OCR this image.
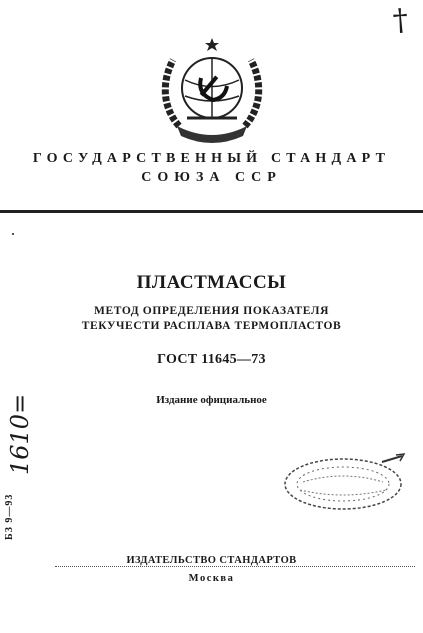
†
ГОСУДАРСТВЕННЫЙ СТАНДАРТ
СОЮЗА ССР
ПЛАСТМАССЫ
МЕТОД ОПРЕДЕЛЕНИЯ ПОКАЗАТЕЛЯ
ТЕКУЧЕСТИ РАСПЛАВА ТЕРМОПЛАСТОВ
ГОСТ 11645—73
Издание официальное
БЗ 9—93
1610=
ИЗДАТЕЛЬСТВО СТАНДАРТОВ
Москва
